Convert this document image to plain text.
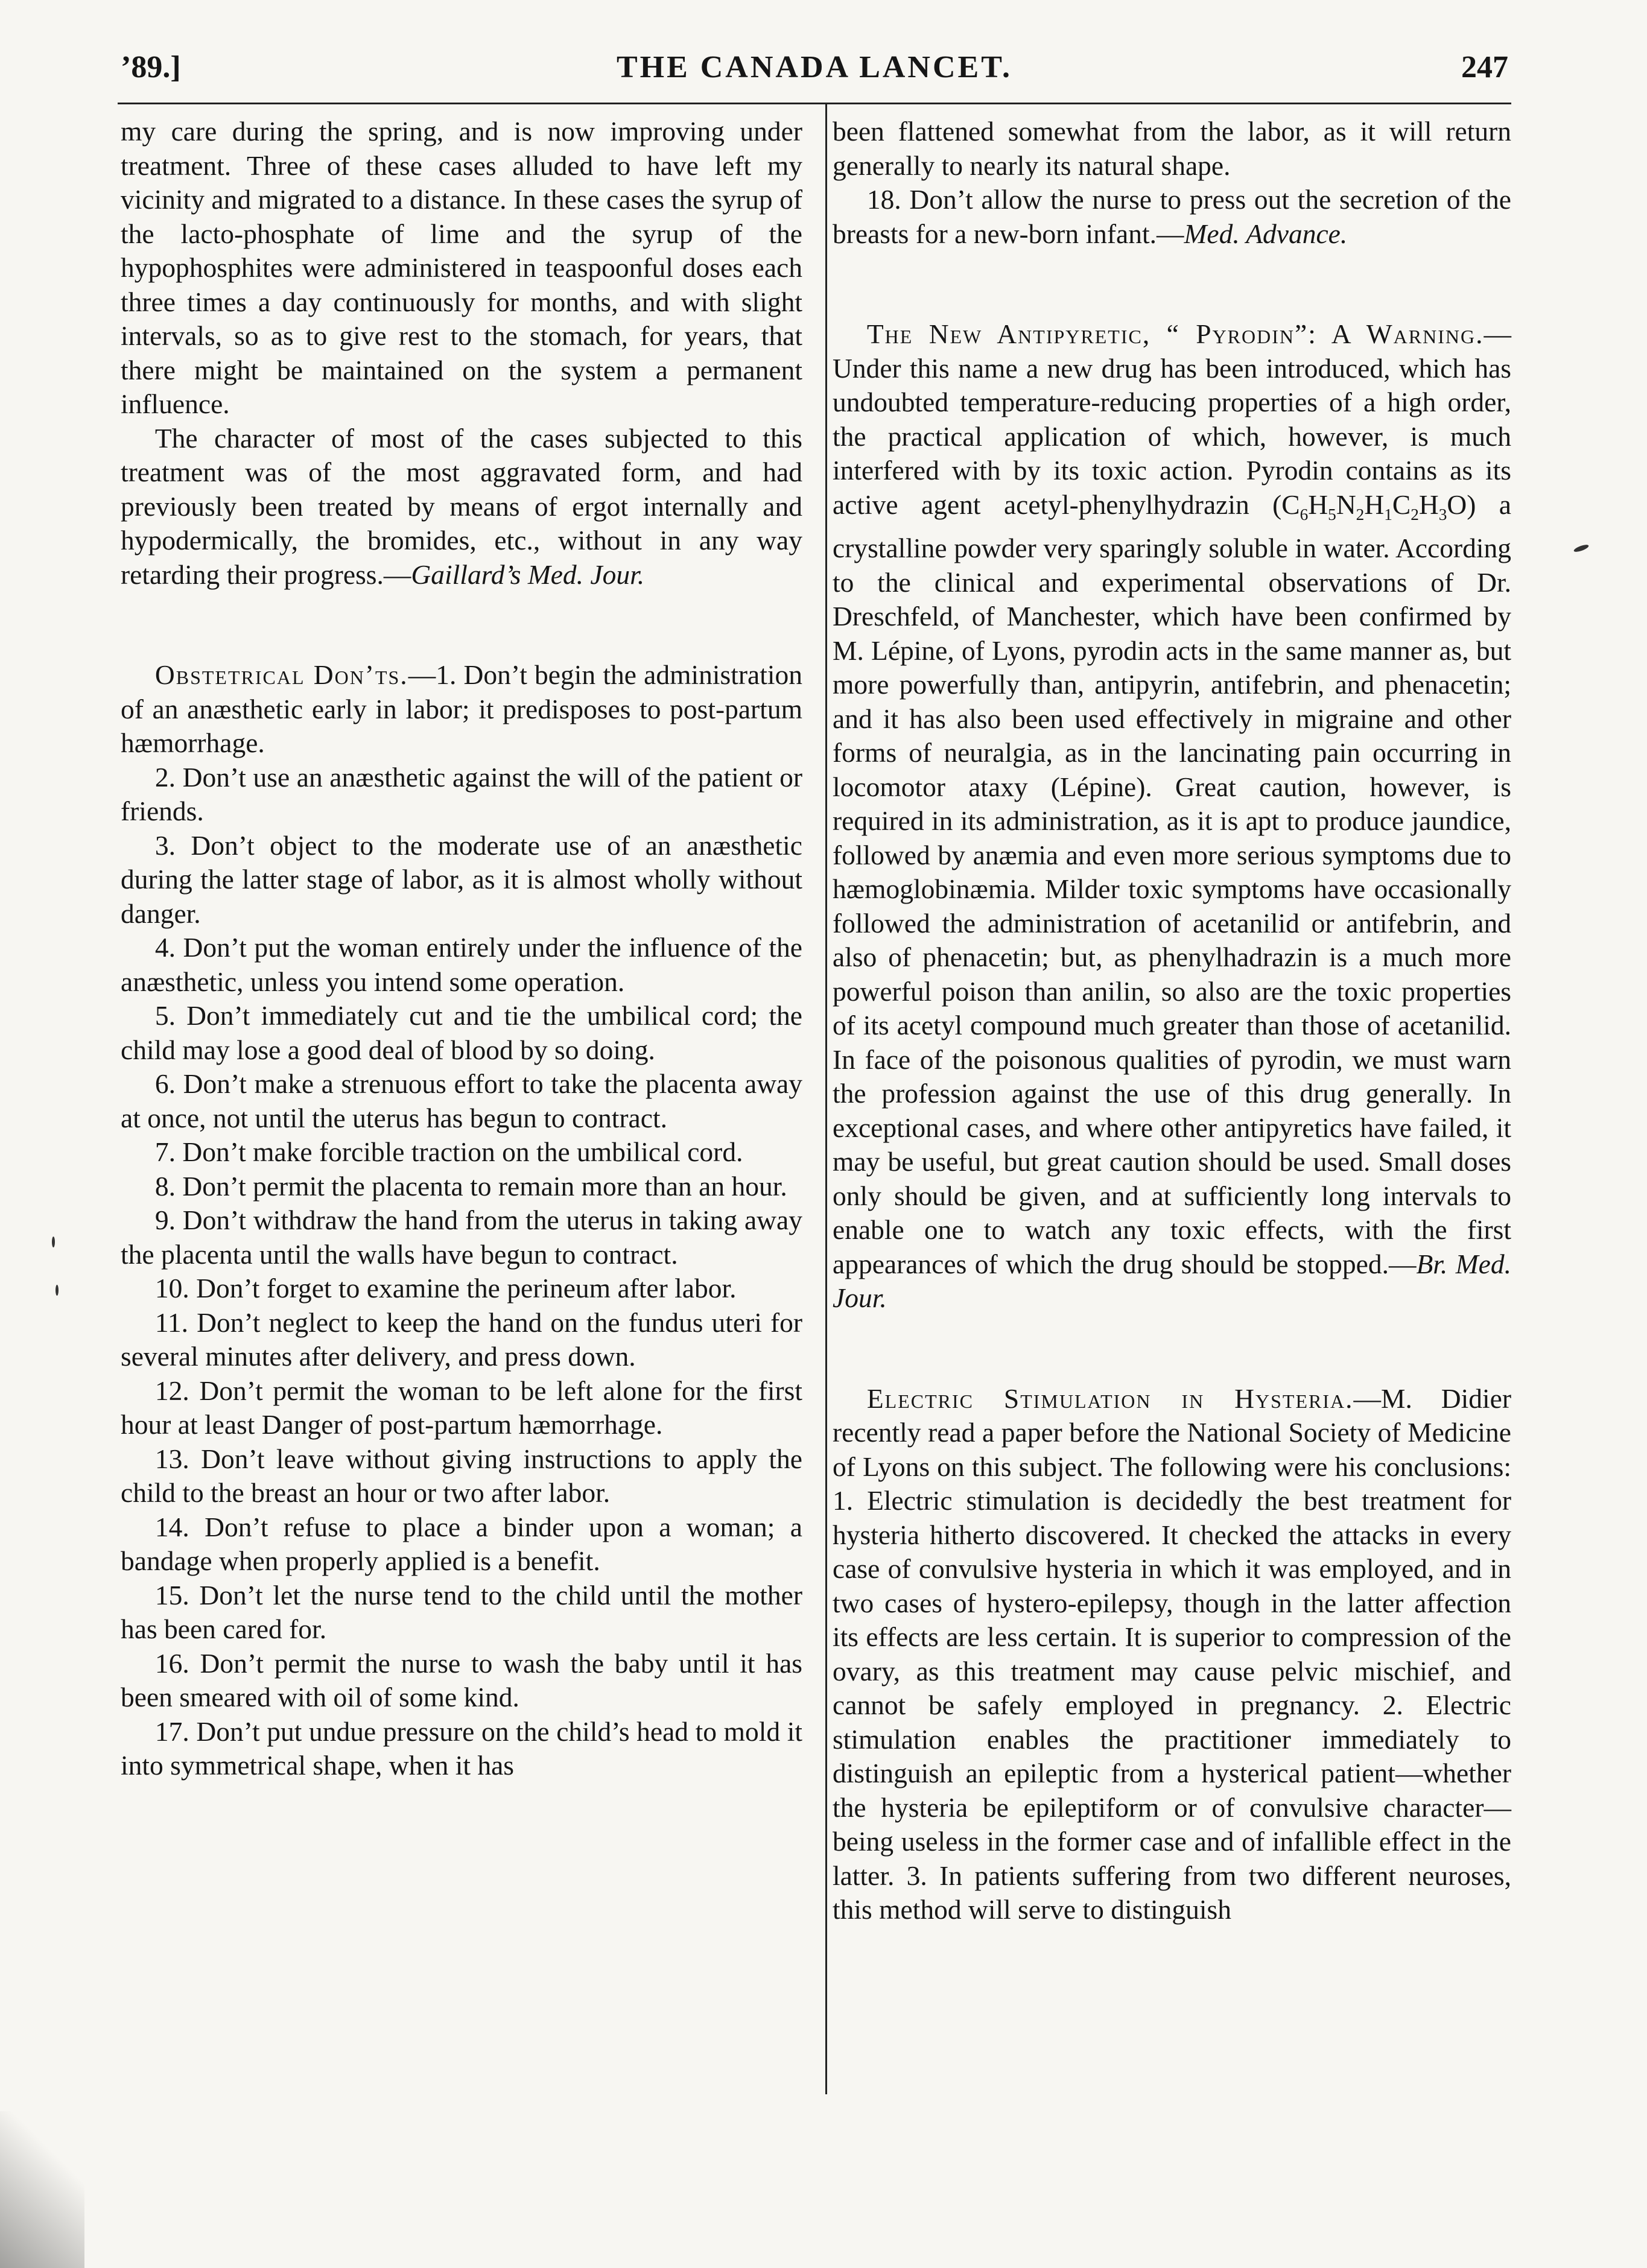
’89.]	THE CANADA LANCET.	247

my care during the spring, and is now improving under treatment. Three of these cases alluded to have left my vicinity and migrated to a distance. In these cases the syrup of the lacto-phosphate of lime and the syrup of the hypophosphites were administered in teaspoonful doses each three times a day continuously for months, and with slight intervals, so as to give rest to the stomach, for years, that there might be maintained on the system a permanent influence.

The character of most of the cases subjected to this treatment was of the most aggravated form, and had previously been treated by means of ergot internally and hypodermically, the bromides, etc., without in any way retarding their progress.—Gaillard’s Med. Jour.

Obstetrical Don’ts.—1. Don’t begin the administration of an anæsthetic early in labor; it predisposes to post-partum hæmorrhage.

2. Don’t use an anæsthetic against the will of the patient or friends.

3. Don’t object to the moderate use of an anæsthetic during the latter stage of labor, as it is almost wholly without danger.

4. Don’t put the woman entirely under the influence of the anæsthetic, unless you intend some operation.

5. Don’t immediately cut and tie the umbilical cord; the child may lose a good deal of blood by so doing.

6. Don’t make a strenuous effort to take the placenta away at once, not until the uterus has begun to contract.

7. Don’t make forcible traction on the umbilical cord.

8. Don’t permit the placenta to remain more than an hour.

9. Don’t withdraw the hand from the uterus in taking away the placenta until the walls have begun to contract.

10. Don’t forget to examine the perineum after labor.

11. Don’t neglect to keep the hand on the fundus uteri for several minutes after delivery, and press down.

12. Don’t permit the woman to be left alone for the first hour at least Danger of post-partum hæmorrhage.

13. Don’t leave without giving instructions to apply the child to the breast an hour or two after labor.

14. Don’t refuse to place a binder upon a woman; a bandage when properly applied is a benefit.

15. Don’t let the nurse tend to the child until the mother has been cared for.

16. Don’t permit the nurse to wash the baby until it has been smeared with oil of some kind.

17. Don’t put undue pressure on the child’s head to mold it into symmetrical shape, when it has

been flattened somewhat from the labor, as it will return generally to nearly its natural shape.

18. Don’t allow the nurse to press out the secretion of the breasts for a new-born infant.—Med. Advance.

The New Antipyretic, “ Pyrodin”: A Warning.—Under this name a new drug has been introduced, which has undoubted temperature-reducing properties of a high order, the practical application of which, however, is much interfered with by its toxic action. Pyrodin contains as its active agent acetyl-phenylhydrazin $(C_6H_5N_2H_1C_2H_3O)$ a crystalline powder very sparingly soluble in water. According to the clinical and experimental observations of Dr. Dreschfeld, of Manchester, which have been confirmed by M. Lépine, of Lyons, pyrodin acts in the same manner as, but more powerfully than, antipyrin, antifebrin, and phenacetin; and it has also been used effectively in migraine and other forms of neuralgia, as in the lancinating pain occurring in locomotor ataxy (Lépine). Great caution, however, is required in its administration, as it is apt to produce jaundice, followed by anæmia and even more serious symptoms due to hæmoglobinæmia. Milder toxic symptoms have occasionally followed the administration of acetanilid or antifebrin, and also of phenacetin; but, as phenylhadrazin is a much more powerful poison than anilin, so also are the toxic properties of its acetyl compound much greater than those of acetanilid. In face of the poisonous qualities of pyrodin, we must warn the profession against the use of this drug generally. In exceptional cases, and where other antipyretics have failed, it may be useful, but great caution should be used. Small doses only should be given, and at sufficiently long intervals to enable one to watch any toxic effects, with the first appearances of which the drug should be stopped.—Br. Med. Jour.

Electric Stimulation in Hysteria.—M. Didier recently read a paper before the National Society of Medicine of Lyons on this subject. The following were his conclusions: 1. Electric stimulation is decidedly the best treatment for hysteria hitherto discovered. It checked the attacks in every case of convulsive hysteria in which it was employed, and in two cases of hystero-epilepsy, though in the latter affection its effects are less certain. It is superior to compression of the ovary, as this treatment may cause pelvic mischief, and cannot be safely employed in pregnancy. 2. Electric stimulation enables the practitioner immediately to distinguish an epileptic from a hysterical patient—whether the hysteria be epileptiform or of convulsive character—being useless in the former case and of infallible effect in the latter. 3. In patients suffering from two different neuroses, this method will serve to distinguish
